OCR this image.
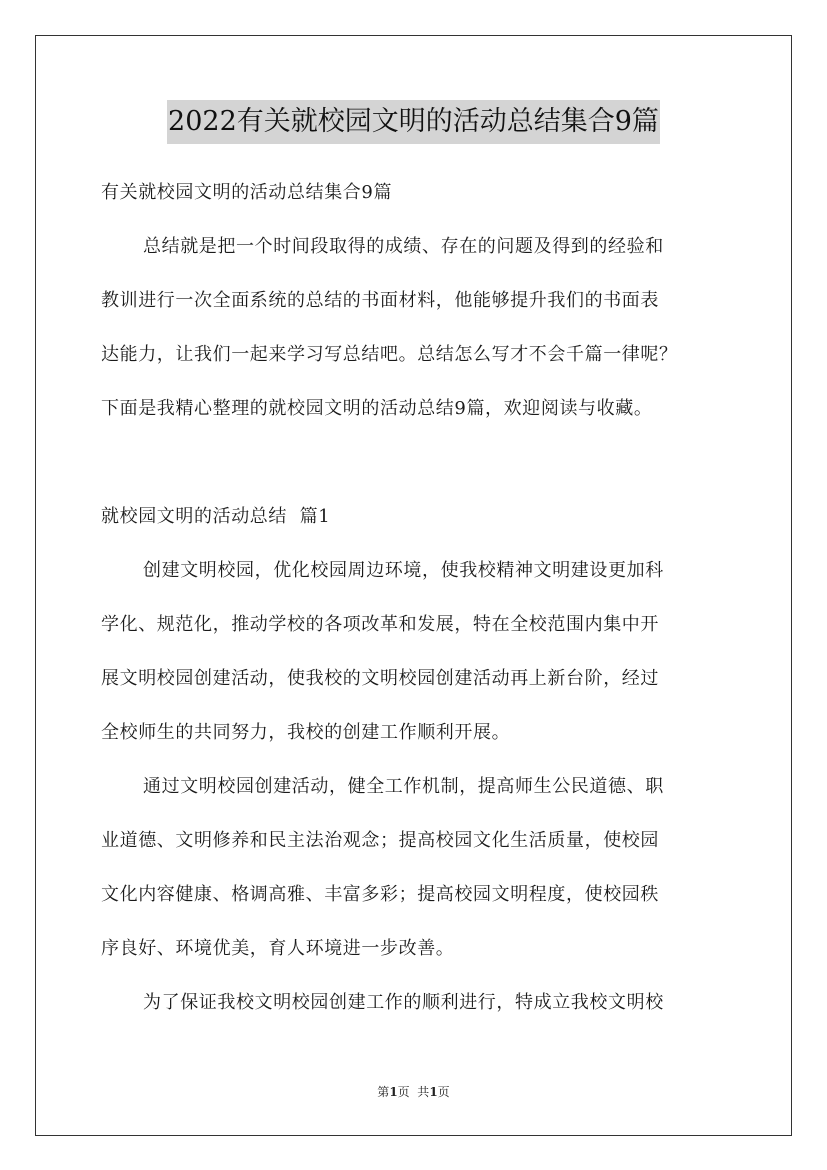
2022有关就校园文明的活动总结集合9篇

有关就校园文明的活动总结集合9篇

总结就是把一个时间段取得的成绩、存在的问题及得到的经验和

教训进行一次全面系统的总结的书面材料，他能够提升我们的书面表

达能力，让我们一起来学习写总结吧。总结怎么写才不会千篇一律呢？

下面是我精心整理的就校园文明的活动总结9篇，欢迎阅读与收藏。

就校园文明的活动总结  篇1

创建文明校园，优化校园周边环境，使我校精神文明建设更加科

学化、规范化，推动学校的各项改革和发展，特在全校范围内集中开

展文明校园创建活动，使我校的文明校园创建活动再上新台阶，经过

全校师生的共同努力，我校的创建工作顺利开展。

通过文明校园创建活动，健全工作机制，提高师生公民道德、职

业道德、文明修养和民主法治观念；提高校园文化生活质量，使校园

文化内容健康、格调高雅、丰富多彩；提高校园文明程度，使校园秩

序良好、环境优美，育人环境进一步改善。

为了保证我校文明校园创建工作的顺利进行，特成立我校文明校

第1页  共1页
